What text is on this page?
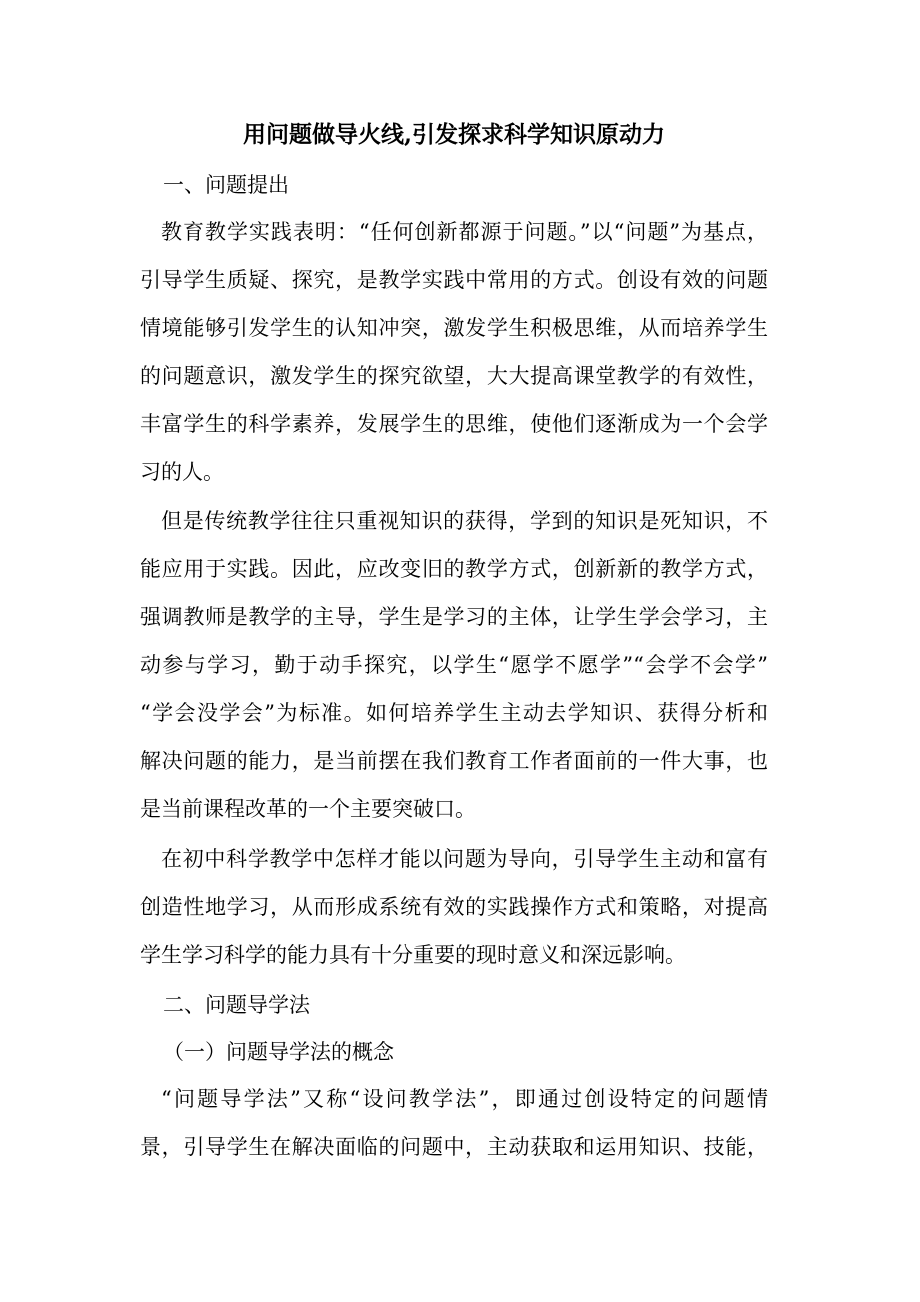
用问题做导火线,引发探求科学知识原动力
一、问题提出
教育教学实践表明：“任何创新都源于问题。”以“问题”为基点，
引导学生质疑、探究，是教学实践中常用的方式。创设有效的问题
情境能够引发学生的认知冲突，激发学生积极思维，从而培养学生
的问题意识，激发学生的探究欲望，大大提高课堂教学的有效性，
丰富学生的科学素养，发展学生的思维，使他们逐渐成为一个会学
习的人。
但是传统教学往往只重视知识的获得，学到的知识是死知识，不
能应用于实践。因此，应改变旧的教学方式，创新新的教学方式，
强调教师是教学的主导，学生是学习的主体，让学生学会学习，主
动参与学习，勤于动手探究，以学生“愿学不愿学”“会学不会学”
“学会没学会”为标准。如何培养学生主动去学知识、获得分析和
解决问题的能力，是当前摆在我们教育工作者面前的一件大事，也
是当前课程改革的一个主要突破口。
在初中科学教学中怎样才能以问题为导向，引导学生主动和富有
创造性地学习，从而形成系统有效的实践操作方式和策略，对提高
学生学习科学的能力具有十分重要的现时意义和深远影响。
二、问题导学法
（一）问题导学法的概念
“问题导学法”又称“设问教学法”，即通过创设特定的问题情
景，引导学生在解决面临的问题中，主动获取和运用知识、技能，
